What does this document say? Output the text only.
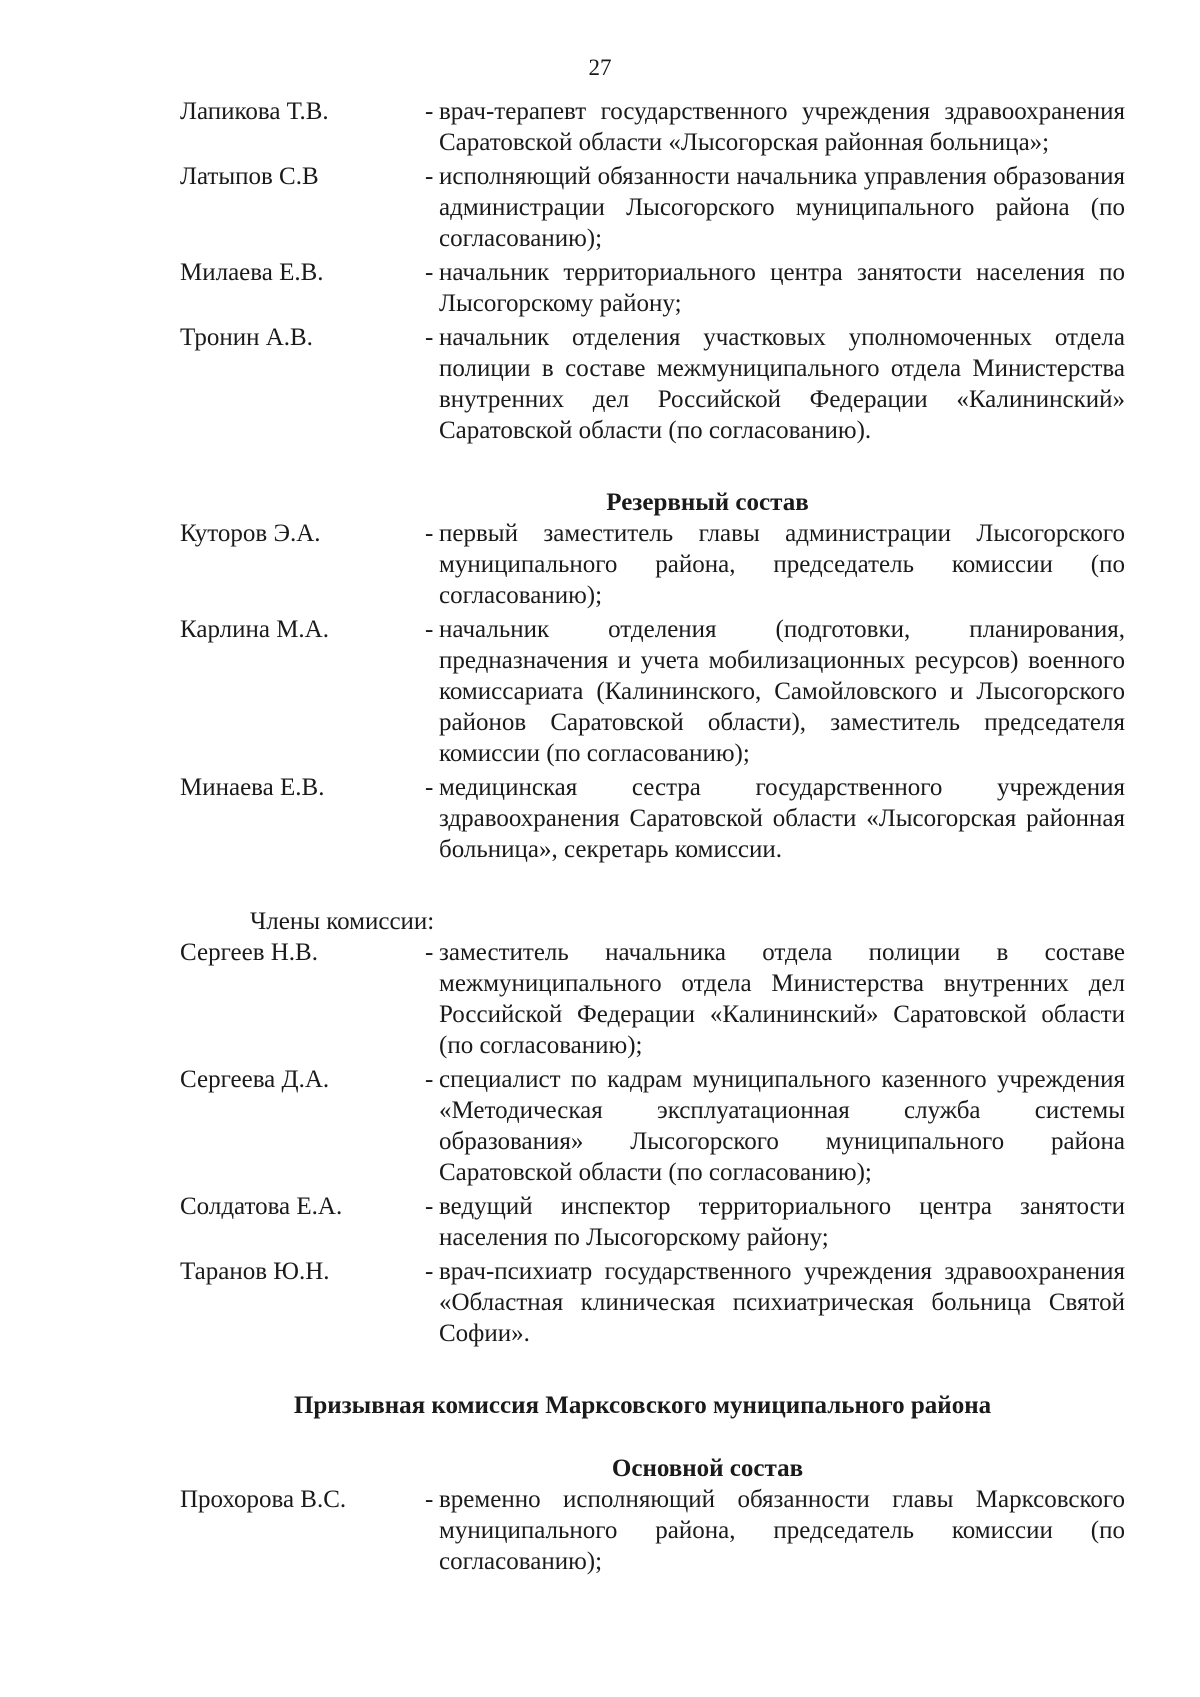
27
Лапикова Т.В.	- врач-терапевт государственного учреждения здравоохранения Саратовской области «Лысогорская районная больница»;
Латыпов С.В	- исполняющий обязанности начальника управления образования администрации Лысогорского муниципального района (по согласованию);
Милаева Е.В.	- начальник территориального центра занятости населения по Лысогорскому району;
Тронин А.В.	- начальник отделения участковых уполномоченных отдела полиции в составе межмуниципального отдела Министерства внутренних дел Российской Федерации «Калининский» Саратовской области (по согласованию).
Резервный состав
Куторов Э.А.	- первый заместитель главы администрации Лысогорского муниципального района, председатель комиссии (по согласованию);
Карлина М.А.	- начальник отделения (подготовки, планирования, предназначения и учета мобилизационных ресурсов) военного комиссариата (Калининского, Самойловского и Лысогорского районов Саратовской области), заместитель председателя комиссии (по согласованию);
Минаева Е.В.	- медицинская сестра государственного учреждения здравоохранения Саратовской области «Лысогорская районная больница», секретарь комиссии.
Члены комиссии:
Сергеев Н.В.	- заместитель начальника отдела полиции в составе межмуниципального отдела Министерства внутренних дел Российской Федерации «Калининский» Саратовской области (по согласованию);
Сергеева Д.А.	- специалист по кадрам муниципального казенного учреждения «Методическая эксплуатационная служба системы образования» Лысогорского муниципального района Саратовской области (по согласованию);
Солдатова Е.А.	- ведущий инспектор территориального центра занятости населения по Лысогорскому району;
Таранов Ю.Н.	- врач-психиатр государственного учреждения здравоохранения «Областная клиническая психиатрическая больница Святой Софии».
Призывная комиссия Марксовского муниципального района
Основной состав
Прохорова В.С.	- временно исполняющий обязанности главы Марксовского муниципального района, председатель комиссии (по согласованию);
